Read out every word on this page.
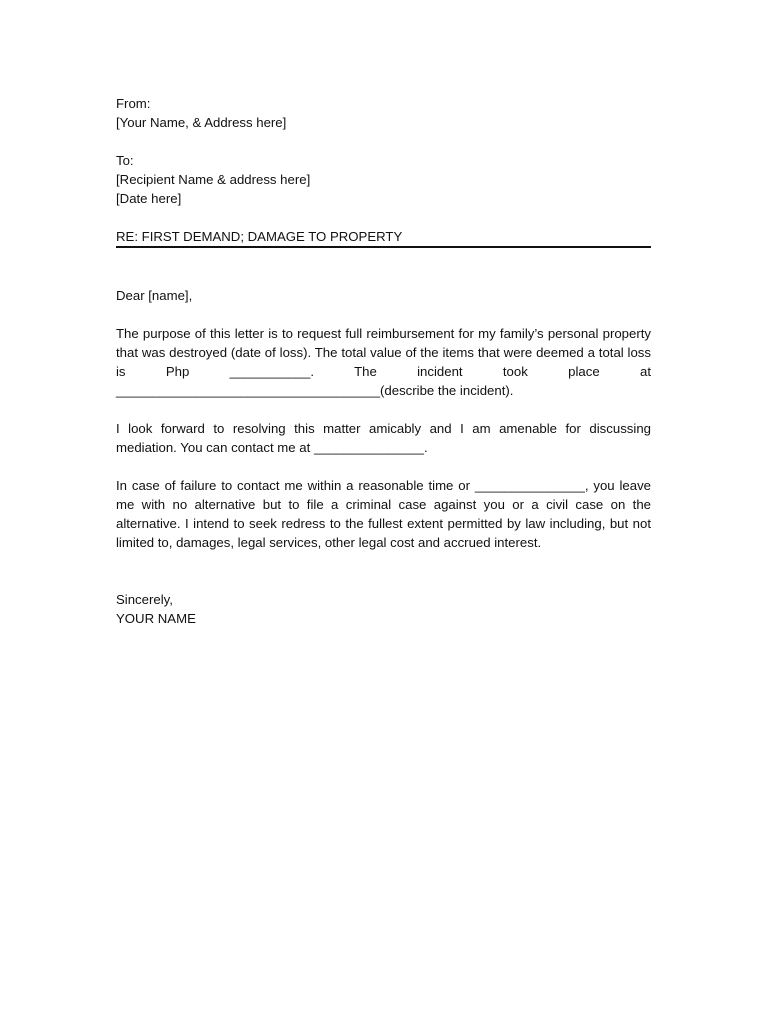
From:
[Your Name, & Address here]
To:
[Recipient Name & address here]
[Date here]
RE: FIRST DEMAND; DAMAGE TO PROPERTY
Dear [name],
The purpose of this letter is to request full reimbursement for my family’s personal property that was destroyed (date of loss). The total value of the items that were deemed a total loss is Php ___________. The incident took place at ____________________________________(describe the incident).
I look forward to resolving this matter amicably and I am amenable for discussing mediation. You can contact me at _______________.
In case of failure to contact me within a reasonable time or _______________, you leave me with no alternative but to file a criminal case against you or a civil case on the alternative. I intend to seek redress to the fullest extent permitted by law including, but not limited to, damages, legal services, other legal cost and accrued interest.
Sincerely,
YOUR NAME
